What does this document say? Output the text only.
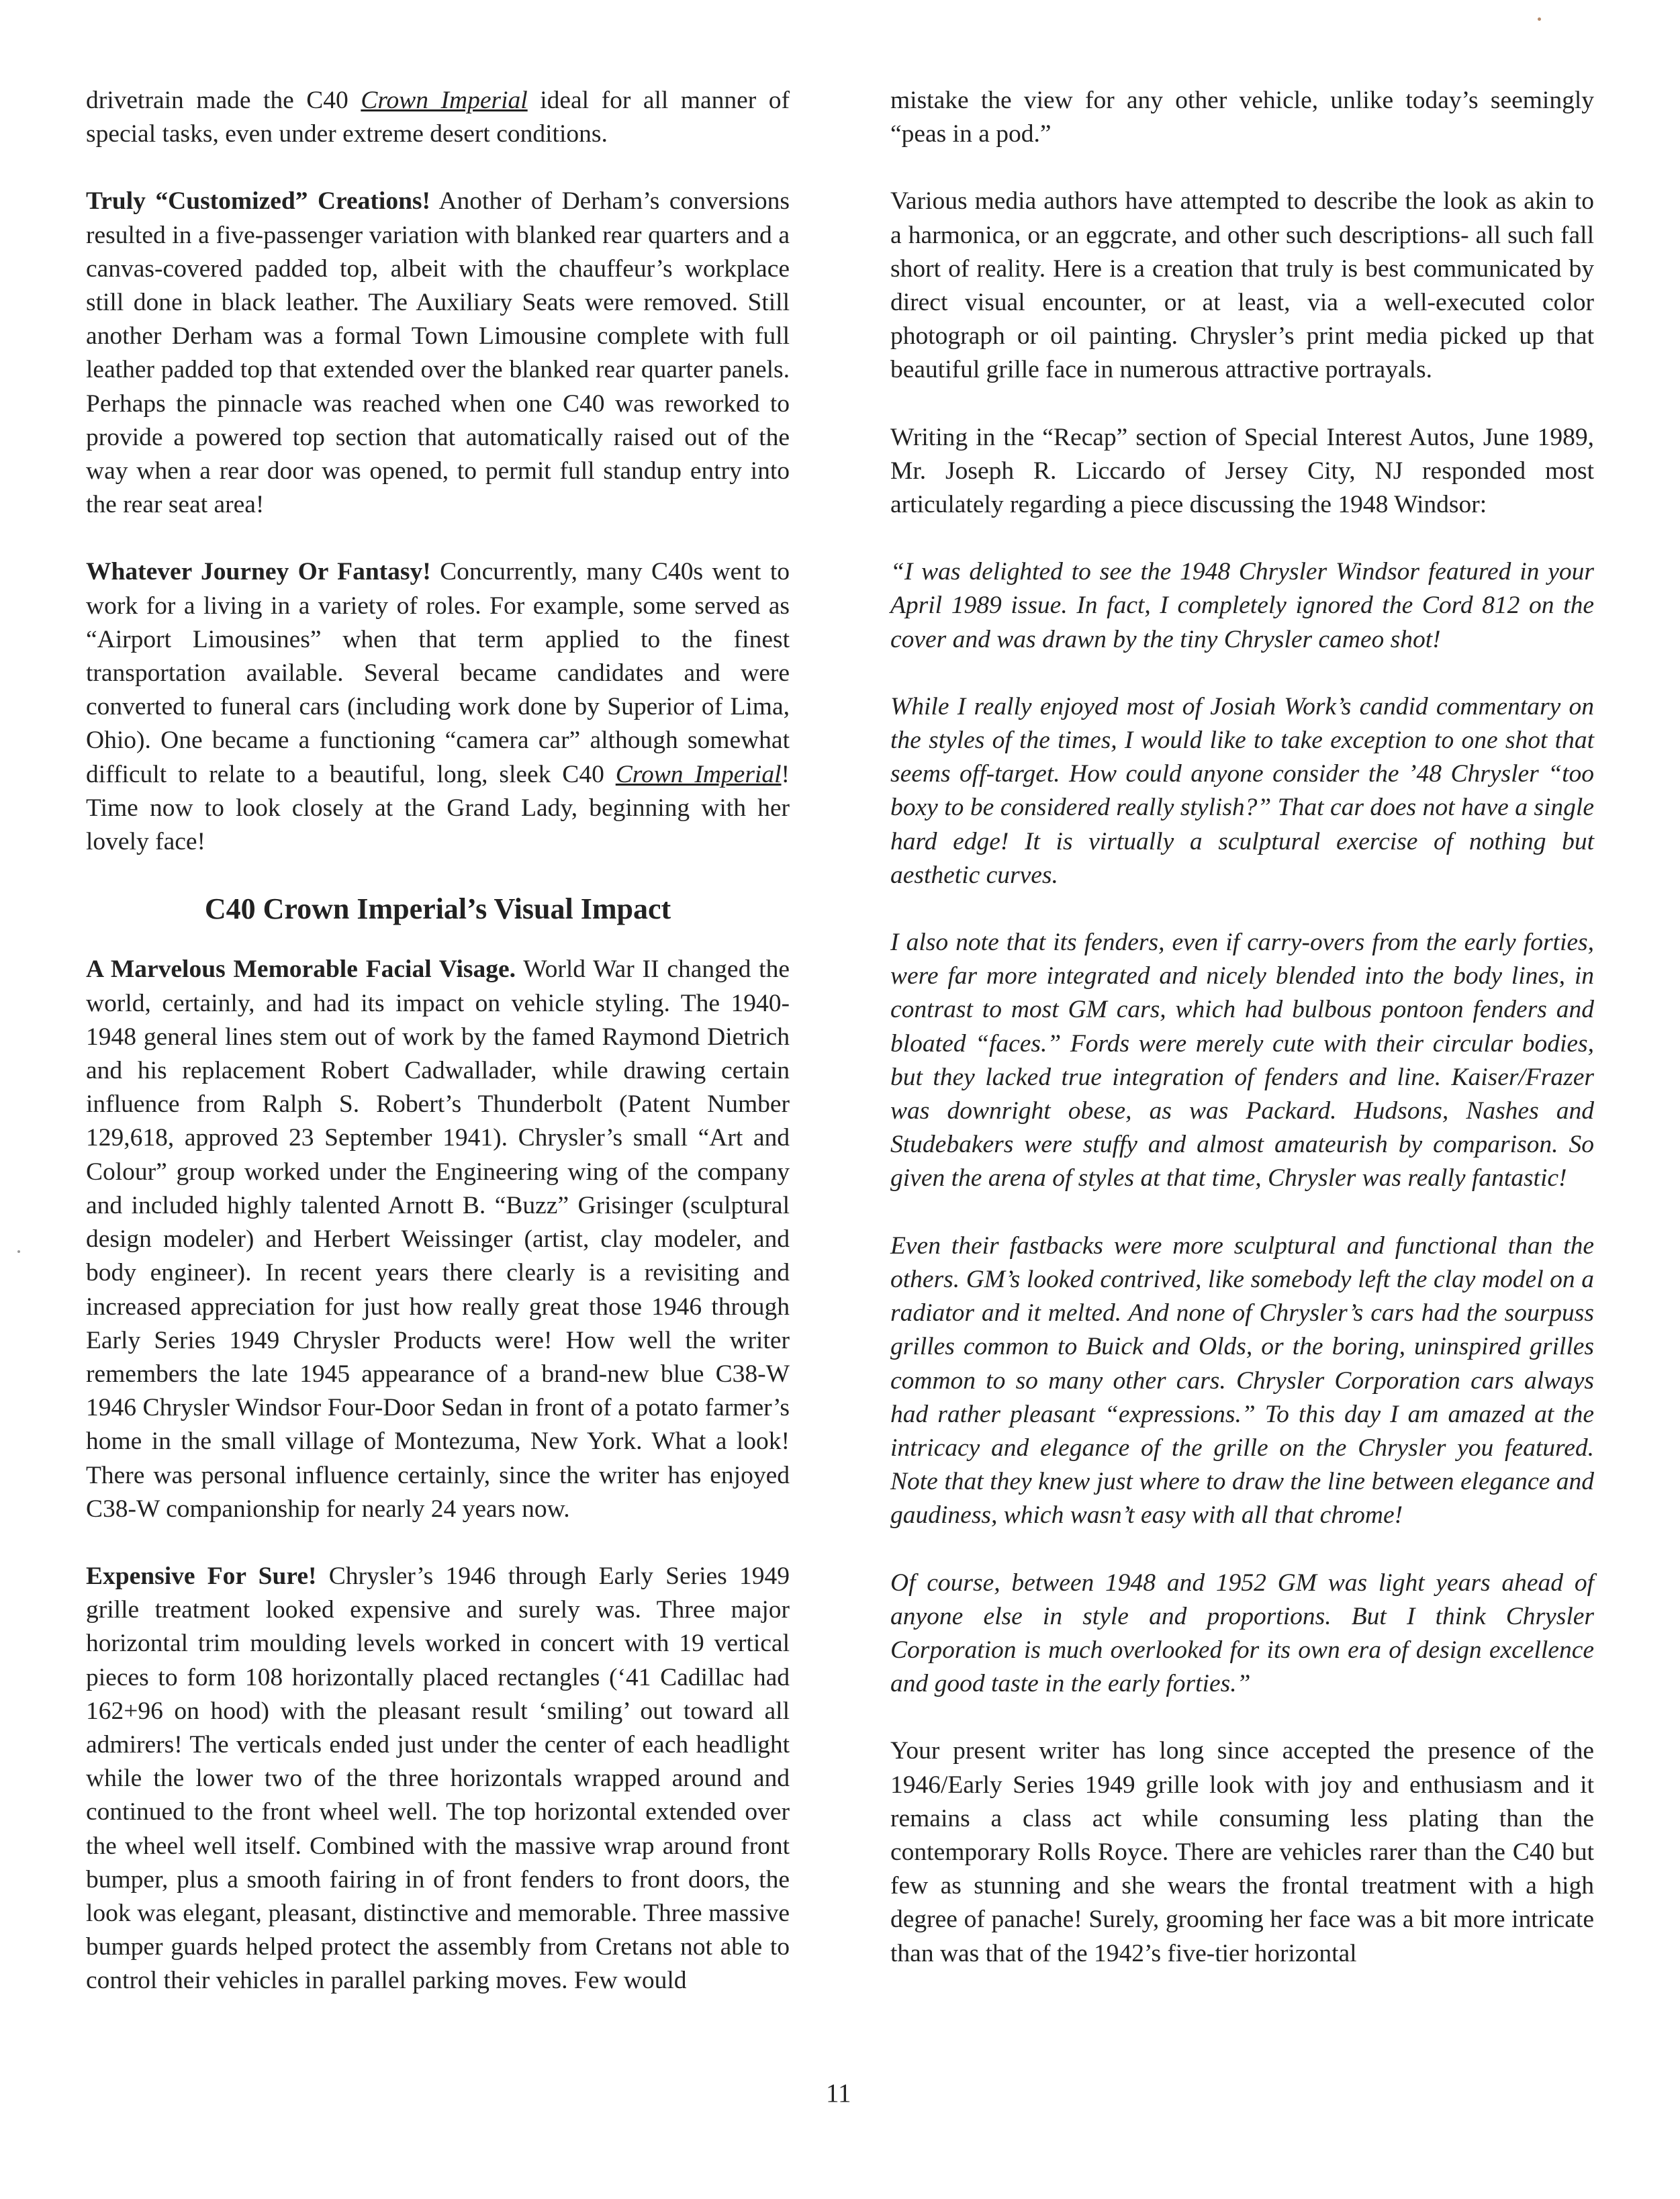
drivetrain made the C40 Crown Imperial ideal for all manner of special tasks, even under extreme desert conditions.

Truly “Customized” Creations! Another of Derham’s conversions resulted in a five-passenger variation with blanked rear quarters and a canvas-covered padded top, albeit with the chauffeur’s workplace still done in black leather. The Auxiliary Seats were removed. Still another Derham was a formal Town Limousine complete with full leather padded top that extended over the blanked rear quarter panels. Perhaps the pinnacle was reached when one C40 was reworked to provide a powered top section that automatically raised out of the way when a rear door was opened, to permit full standup entry into the rear seat area!

Whatever Journey Or Fantasy! Concurrently, many C40s went to work for a living in a variety of roles. For example, some served as “Airport Limousines” when that term applied to the finest transportation available. Several became candidates and were converted to funeral cars (including work done by Superior of Lima, Ohio). One became a functioning “camera car” although somewhat difficult to relate to a beautiful, long, sleek C40 Crown Imperial! Time now to look closely at the Grand Lady, beginning with her lovely face!

C40 Crown Imperial’s Visual Impact

A Marvelous Memorable Facial Visage. World War II changed the world, certainly, and had its impact on vehicle styling. The 1940-1948 general lines stem out of work by the famed Raymond Dietrich and his replacement Robert Cadwallader, while drawing certain influence from Ralph S. Robert’s Thunderbolt (Patent Number 129,618, approved 23 September 1941). Chrysler’s small “Art and Colour” group worked under the Engineering wing of the company and included highly talented Arnott B. “Buzz” Grisinger (sculptural design modeler) and Herbert Weissinger (artist, clay modeler, and body engineer). In recent years there clearly is a revisiting and increased appreciation for just how really great those 1946 through Early Series 1949 Chrysler Products were! How well the writer remembers the late 1945 appearance of a brand-new blue C38-W 1946 Chrysler Windsor Four-Door Sedan in front of a potato farmer’s home in the small village of Montezuma, New York. What a look! There was personal influence certainly, since the writer has enjoyed C38-W companionship for nearly 24 years now.

Expensive For Sure! Chrysler’s 1946 through Early Series 1949 grille treatment looked expensive and surely was. Three major horizontal trim moulding levels worked in concert with 19 vertical pieces to form 108 horizontally placed rectangles (‘41 Cadillac had 162+96 on hood) with the pleasant result ‘smiling’ out toward all admirers! The verticals ended just under the center of each headlight while the lower two of the three horizontals wrapped around and continued to the front wheel well. The top horizontal extended over the wheel well itself. Combined with the massive wrap around front bumper, plus a smooth fairing in of front fenders to front doors, the look was elegant, pleasant, distinctive and memorable. Three massive bumper guards helped protect the assembly from Cretans not able to control their vehicles in parallel parking moves. Few would

mistake the view for any other vehicle, unlike today’s seemingly “peas in a pod.”

Various media authors have attempted to describe the look as akin to a harmonica, or an eggcrate, and other such descriptions- all such fall short of reality. Here is a creation that truly is best communicated by direct visual encounter, or at least, via a well-executed color photograph or oil painting. Chrysler’s print media picked up that beautiful grille face in numerous attractive portrayals.

Writing in the “Recap” section of Special Interest Autos, June 1989, Mr. Joseph R. Liccardo of Jersey City, NJ responded most articulately regarding a piece discussing the 1948 Windsor:

“I was delighted to see the 1948 Chrysler Windsor featured in your April 1989 issue. In fact, I completely ignored the Cord 812 on the cover and was drawn by the tiny Chrysler cameo shot!

While I really enjoyed most of Josiah Work’s candid commentary on the styles of the times, I would like to take exception to one shot that seems off-target. How could anyone consider the ’48 Chrysler “too boxy to be considered really stylish?” That car does not have a single hard edge! It is virtually a sculptural exercise of nothing but aesthetic curves.

I also note that its fenders, even if carry-overs from the early forties, were far more integrated and nicely blended into the body lines, in contrast to most GM cars, which had bulbous pontoon fenders and bloated “faces.” Fords were merely cute with their circular bodies, but they lacked true integration of fenders and line. Kaiser/Frazer was downright obese, as was Packard. Hudsons, Nashes and Studebakers were stuffy and almost amateurish by comparison. So given the arena of styles at that time, Chrysler was really fantastic!

Even their fastbacks were more sculptural and functional than the others. GM’s looked contrived, like somebody left the clay model on a radiator and it melted. And none of Chrysler’s cars had the sourpuss grilles common to Buick and Olds, or the boring, uninspired grilles common to so many other cars. Chrysler Corporation cars always had rather pleasant “expressions.” To this day I am amazed at the intricacy and elegance of the grille on the Chrysler you featured. Note that they knew just where to draw the line between elegance and gaudiness, which wasn’t easy with all that chrome!

Of course, between 1948 and 1952 GM was light years ahead of anyone else in style and proportions. But I think Chrysler Corporation is much overlooked for its own era of design excellence and good taste in the early forties.”

Your present writer has long since accepted the presence of the 1946/Early Series 1949 grille look with joy and enthusiasm and it remains a class act while consuming less plating than the contemporary Rolls Royce. There are vehicles rarer than the C40 but few as stunning and she wears the frontal treatment with a high degree of panache! Surely, grooming her face was a bit more intricate than was that of the 1942’s five-tier horizontal

11
